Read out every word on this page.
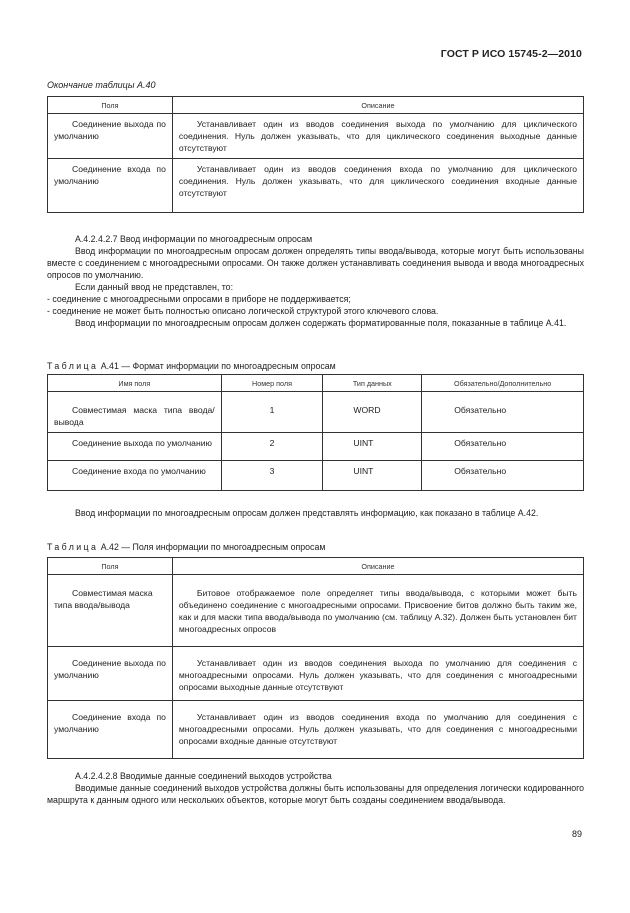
ГОСТ Р ИСО 15745-2—2010
Окончание таблицы А.40
Поля	Описание
Соединение выхода по умолчанию	Устанавливает один из вводов соединения выхода по умолчанию для циклического соединения. Нуль должен указывать, что для циклического соединения выходные данные отсутствуют
Соединение входа по умолчанию	Устанавливает один из вводов соединения входа по умолчанию для циклического соединения. Нуль должен указывать, что для циклического соединения входные данные отсутствуют

А.4.2.4.2.7 Ввод информации по многоадресным опросам

Ввод информации по многоадресным опросам должен определять типы ввода/вывода, которые могут быть использованы вместе с соединением с многоадресными опросами. Он также должен устанавливать соединения вывода и ввода многоадресных опросов по умолчанию.

Если данный ввод не представлен, то:

- соединение с многоадресными опросами в приборе не поддерживается;

- соединение не может быть полностью описано логической структурой этого ключевого слова.

Ввод информации по многоадресным опросам должен содержать форматированные поля, показанные в таблице А.41.

Таблица А.41 — Формат информации по многоадресным опросам
Имя поля	Номер поля	Тип данных	Обязательно/Дополнительно
Совместимая маска типа ввода/вывода	1	WORD	Обязательно
Соединение выхода по умолчанию	2	UINT	Обязательно
Соединение входа по умолчанию	3	UINT	Обязательно

Ввод информации по многоадресным опросам должен представлять информацию, как показано в таблице А.42.

Таблица А.42 — Поля информации по многоадресным опросам
Поля	Описание
Совместимая маска типа ввода/вывода	Битовое отображаемое поле определяет типы ввода/вывода, с которыми может быть объединено соединение с многоадресными опросами. Присвоение битов должно быть таким же, как и для маски типа ввода/вывода по умолчанию (см. таблицу А.32). Должен быть установлен бит многоадресных опросов
Соединение выхода по умолчанию	Устанавливает один из вводов соединения выхода по умолчанию для соединения с многоадресными опросами. Нуль должен указывать, что для соединения с многоадресными опросами выходные данные отсутствуют
Соединение входа по умолчанию	Устанавливает один из вводов соединения входа по умолчанию для соединения с многоадресными опросами. Нуль должен указывать, что для соединения с многоадресными опросами входные данные отсутствуют

А.4.2.4.2.8 Вводимые данные соединений выходов устройства

Вводимые данные соединений выходов устройства должны быть использованы для определения логически кодированного маршрута к данным одного или нескольких объектов, которые могут быть созданы соединением ввода/вывода.

89
